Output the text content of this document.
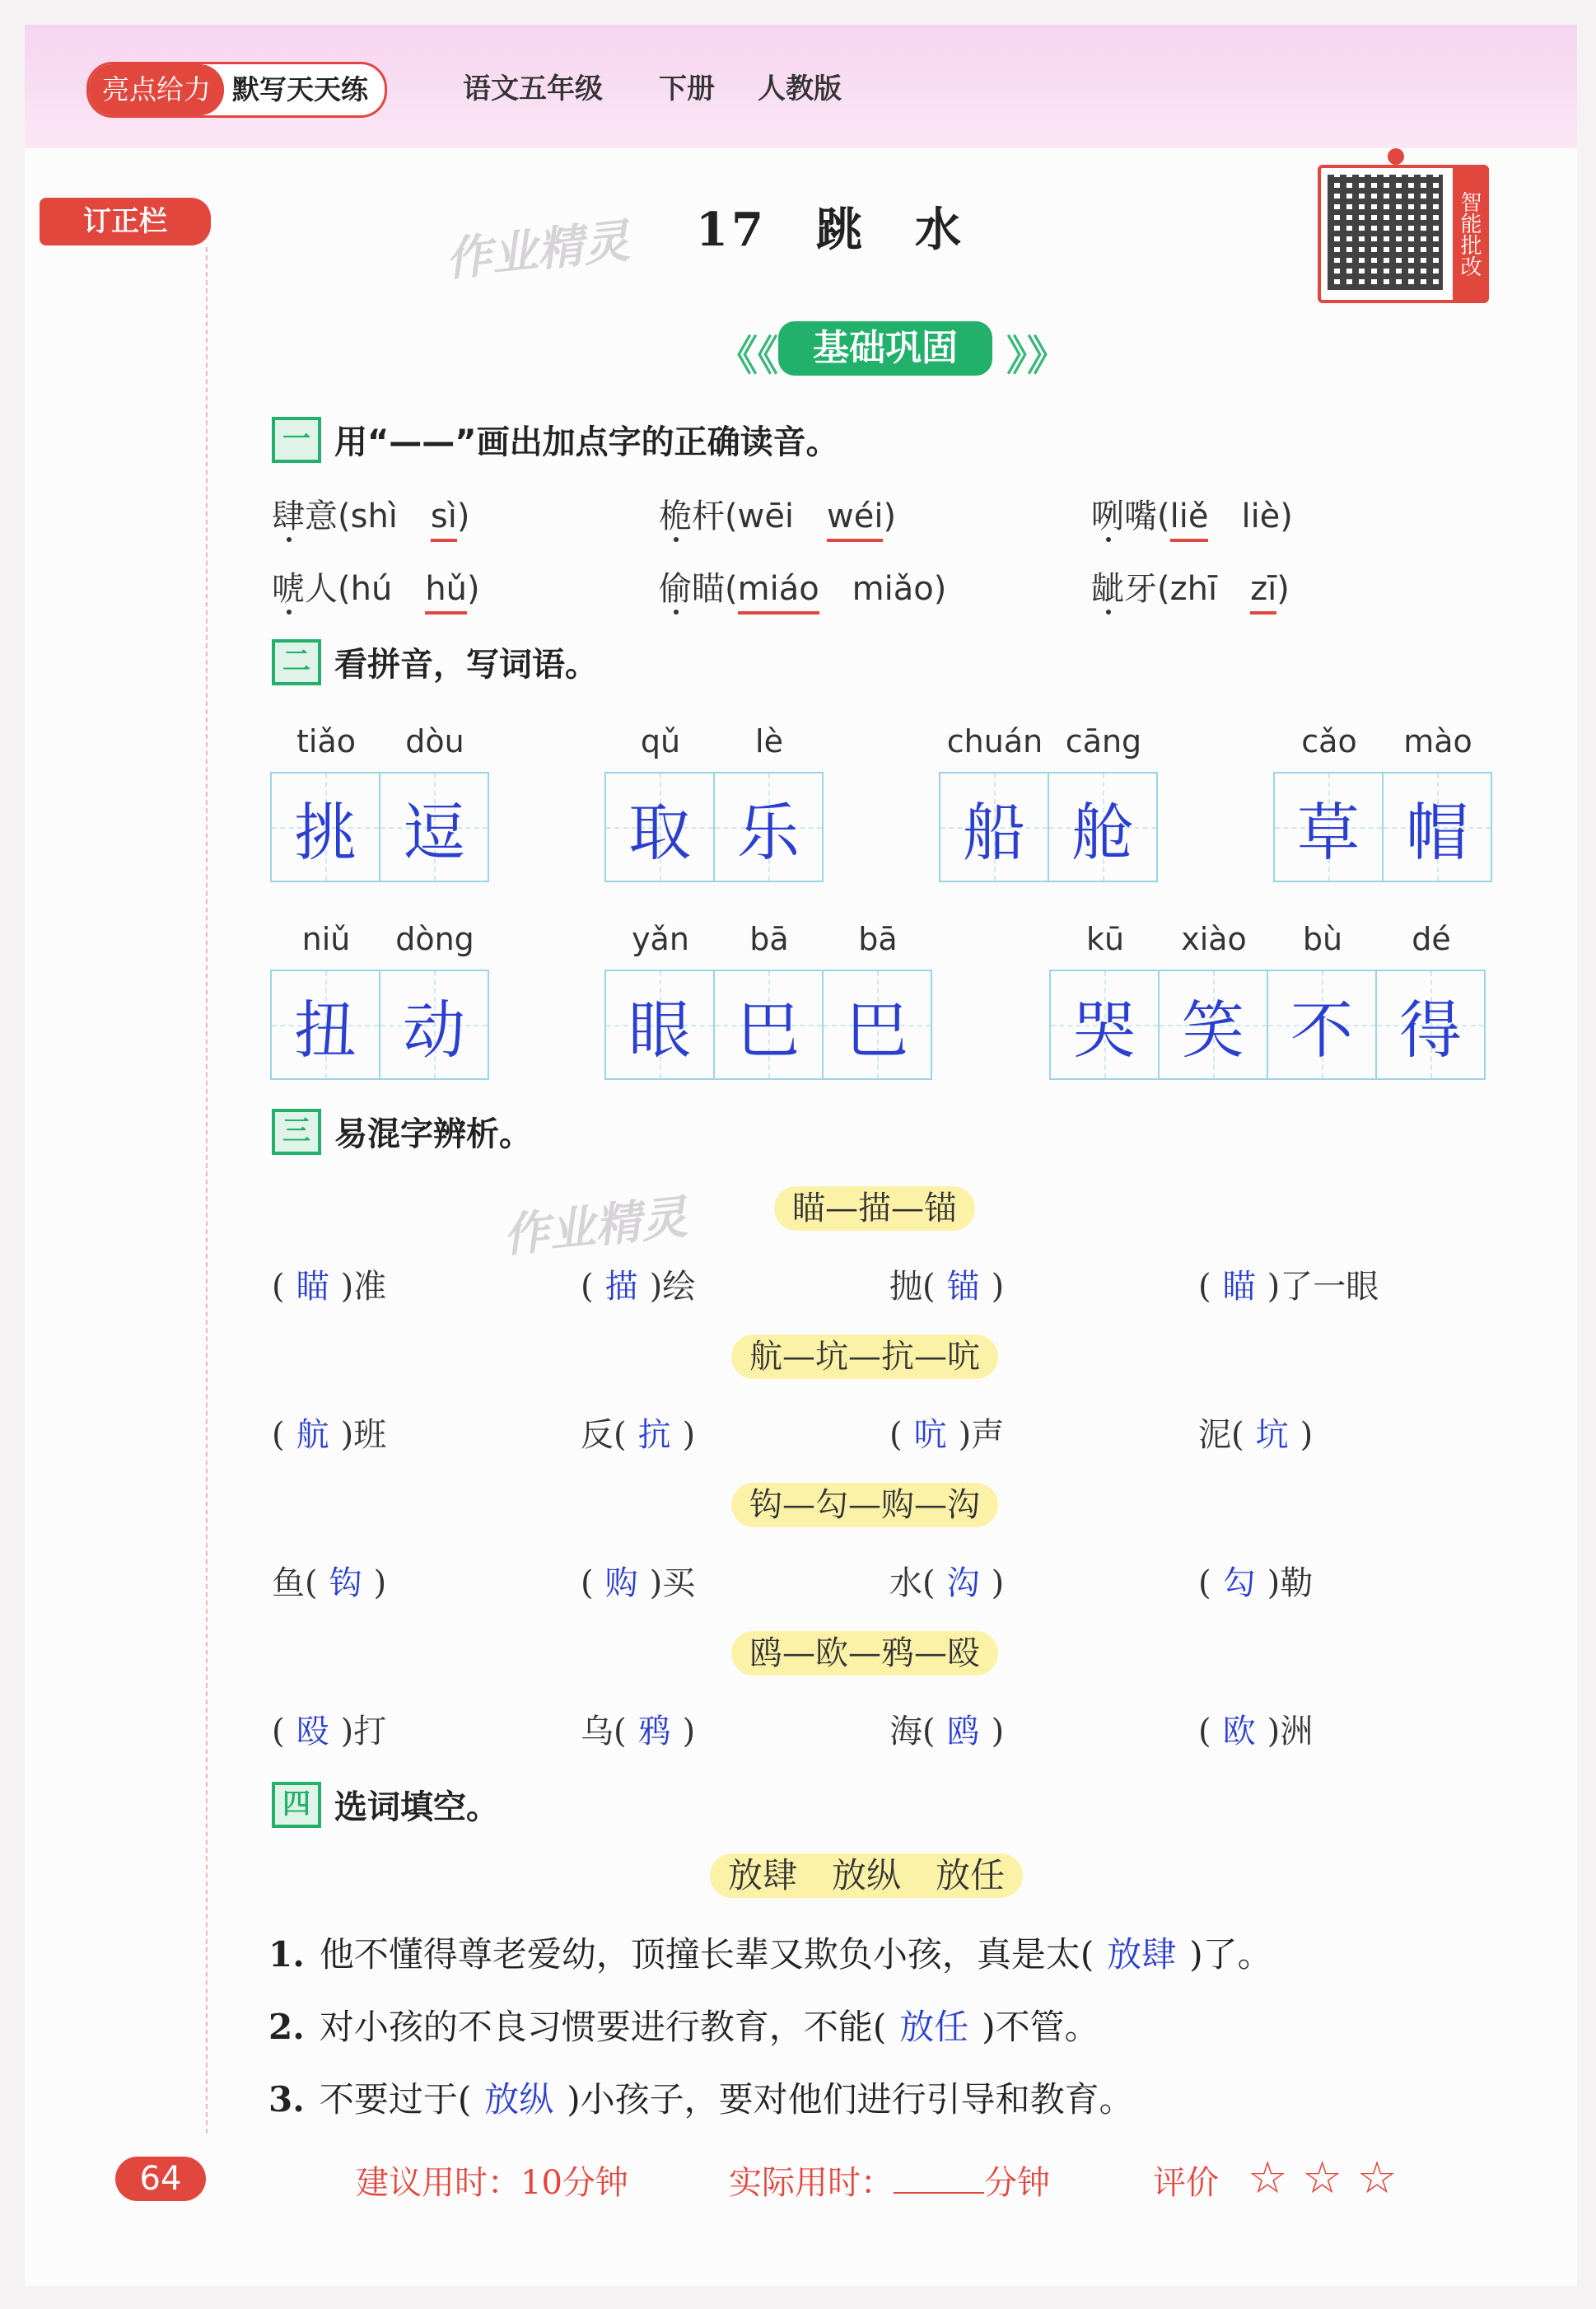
亮点给力 默写天天练	语文五年级 下册 人教版
订正栏	作业精灵
作业精灵
17 跳 水	智能批改
《《 基础巩固	》》
一 用“——”画出加点字的正确读音。
肆意(shì　 sì)	桅杆(wēi　 wéi)	咧嘴(liě　 liè)
唬人(hú　 hǔ)	偷瞄(miáo　 miǎo)	龇牙(zhī　 zī)
二 看拼音，写词语。
tiǎo	dòu
挑 逗
qǔ	lè
取 乐
chuán cāng
船 舱
cǎo	mào
草 帽
niǔ	dòng
扭 动
yǎn	bā	bā
眼 巴 巴
kū	xiào	bù	dé
哭 笑 不 得
三 易混字辨析。
瞄—描—锚
( 瞄 )准	( 描 )绘	抛( 锚 )	( 瞄 )了一眼
航—坑—抗—吭
( 航 )班	反( 抗 )	( 吭 )声	泥( 坑 )
钩—勾—购—沟
鱼( 钩 )	( 购 )买	水( 沟 )	( 勾 )勒
鸥—欧—鸦—殴
( 殴 )打	乌( 鸦 )	海( 鸥 )	( 欧 )洲
四 选词填空。
放肆　放纵　放任
1. 他不懂得尊老爱幼，顶撞长辈又欺负小孩，真是太( 放肆 )了。
2. 对小孩的不良习惯要进行教育，不能( 放任 )不管。
3. 不要过于( 放纵 )小孩子，要对他们进行引导和教育。
64	建议用时：10分钟	实际用时：	分钟	评价 ☆☆☆
